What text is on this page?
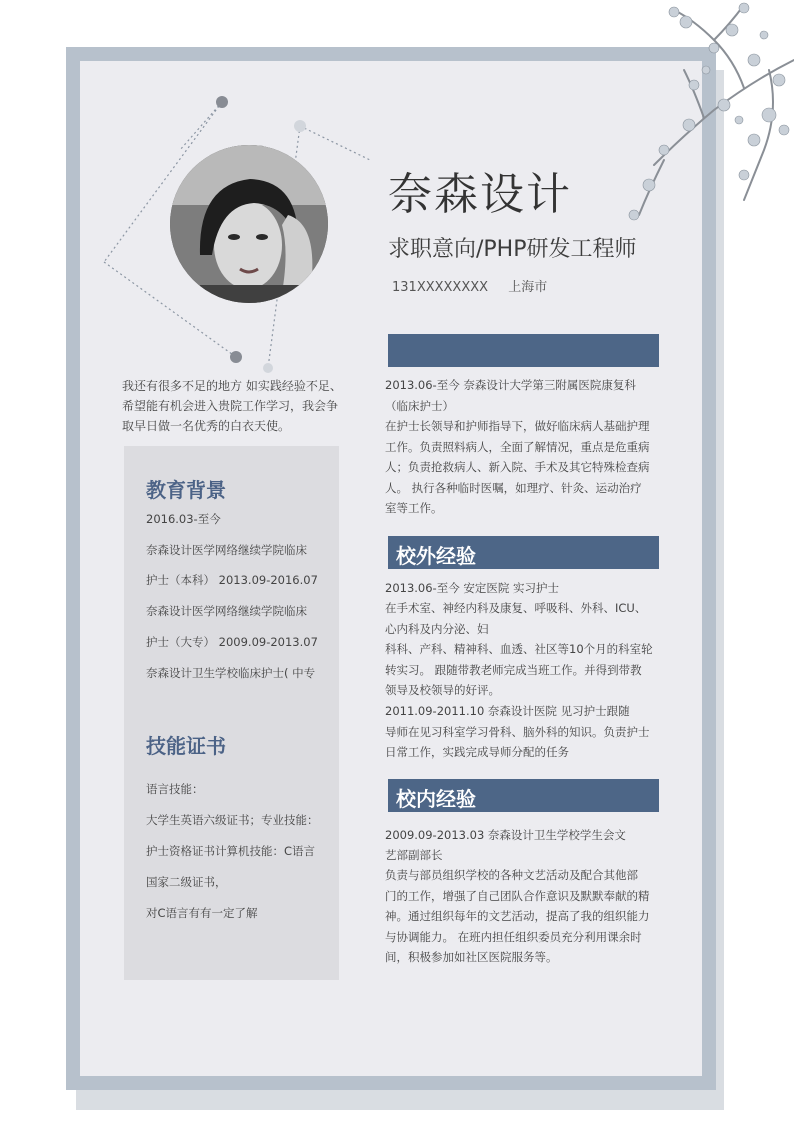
奈森设计
求职意向/PHP研发工程师
131XXXXXXXX 上海市
我还有很多不足的地方 如实践经验不足、
希望能有机会进入贵院工作学习，我会争
取早日做一名优秀的白衣天使。
教育背景
2016.03-至今
奈森设计医学网络继续学院临床
护士（本科） 2013.09-2016.07
奈森设计医学网络继续学院临床
护士（大专） 2009.09-2013.07
奈森设计卫生学校临床护士( 中专
技能证书
语言技能：
大学生英语六级证书；专业技能：
护士资格证书计算机技能：C语言
国家二级证书，
对C语言有有一定了解
2013.06-至今 奈森设计大学第三附属医院康复科
（临床护士）
在护士长领导和护师指导下，做好临床病人基础护理
工作。负责照料病人，全面了解情况，重点是危重病
人；负责抢救病人、新入院、手术及其它特殊检查病
人。 执行各种临时医嘱，如理疗、针灸、运动治疗
室等工作。
校外经验
2013.06-至今 安定医院 实习护士
在手术室、神经内科及康复、呼吸科、外科、ICU、
心内科及内分泌、妇
科科、产科、精神科、血透、社区等10个月的科室轮
转实习。 跟随带教老师完成当班工作。并得到带教
领导及校领导的好评。
2011.09-2011.10 奈森设计医院 见习护士跟随
导师在见习科室学习骨科、脑外科的知识。负责护士
日常工作，实践完成导师分配的任务
校内经验
2009.09-2013.03 奈森设计卫生学校学生会文
艺部副部长
负责与部员组织学校的各种文艺活动及配合其他部
门的工作，增强了自己团队合作意识及默默奉献的精
神。通过组织每年的文艺活动，提高了我的组织能力
与协调能力。 在班内担任组织委员充分利用课余时
间，积极参加如社区医院服务等。
